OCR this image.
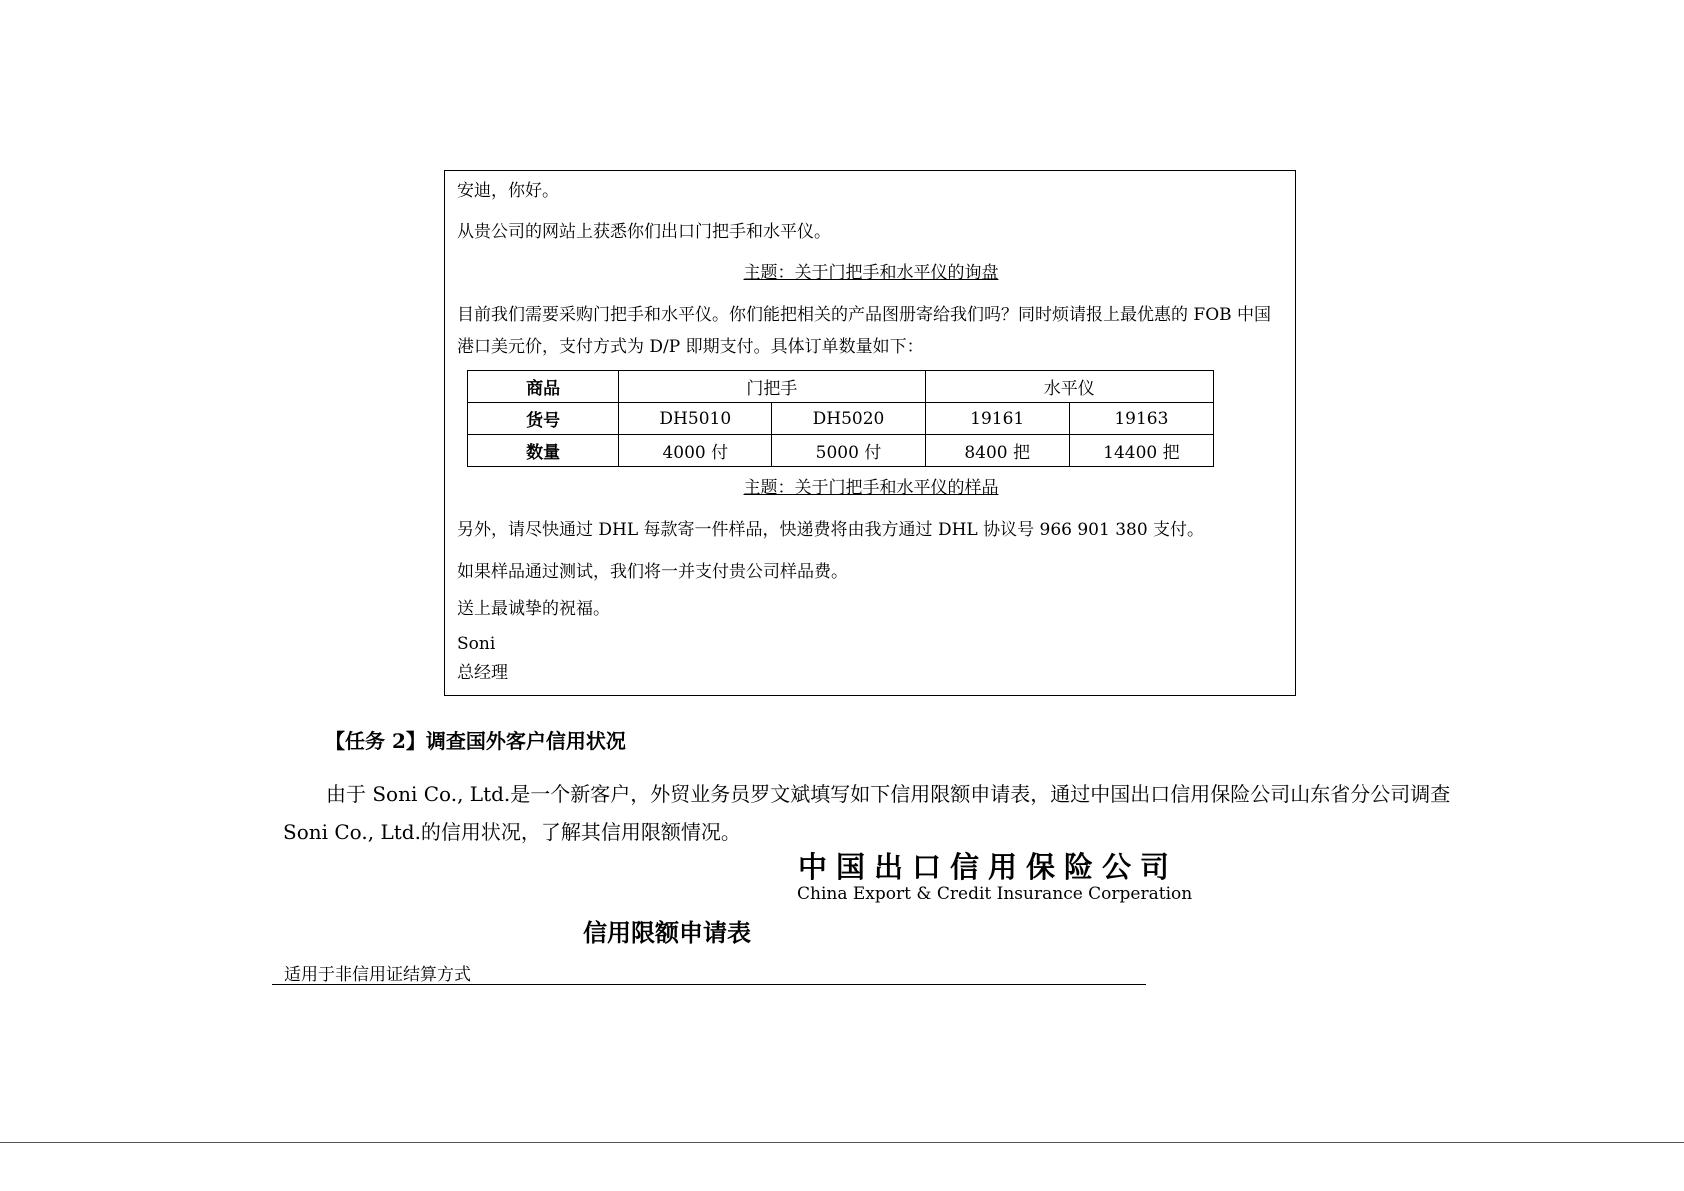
安迪，你好。
从贵公司的网站上获悉你们出口门把手和水平仪。
主题：关于门把手和水平仪的询盘
目前我们需要采购门把手和水平仪。你们能把相关的产品图册寄给我们吗？同时烦请报上最优惠的 FOB 中国港口美元价，支付方式为 D/P 即期支付。具体订单数量如下：
商品	门把手		水平仪	
货号	DH5010	DH5020	19161	19163
数量	4000 付	5000 付	8400 把	14400 把
主题：关于门把手和水平仪的样品
另外，请尽快通过 DHL 每款寄一件样品，快递费将由我方通过 DHL 协议号 966 901 380 支付。
如果样品通过测试，我们将一并支付贵公司样品费。
送上最诚挚的祝福。
Soni
总经理
【任务 2】调查国外客户信用状况
由于 Soni Co., Ltd.是一个新客户，外贸业务员罗文斌填写如下信用限额申请表，通过中国出口信用保险公司山东省分公司调查
Soni Co., Ltd.的信用状况，了解其信用限额情况。
中国出口信用保险公司
China Export & Credit Insurance Corperation
信用限额申请表
适用于非信用证结算方式
